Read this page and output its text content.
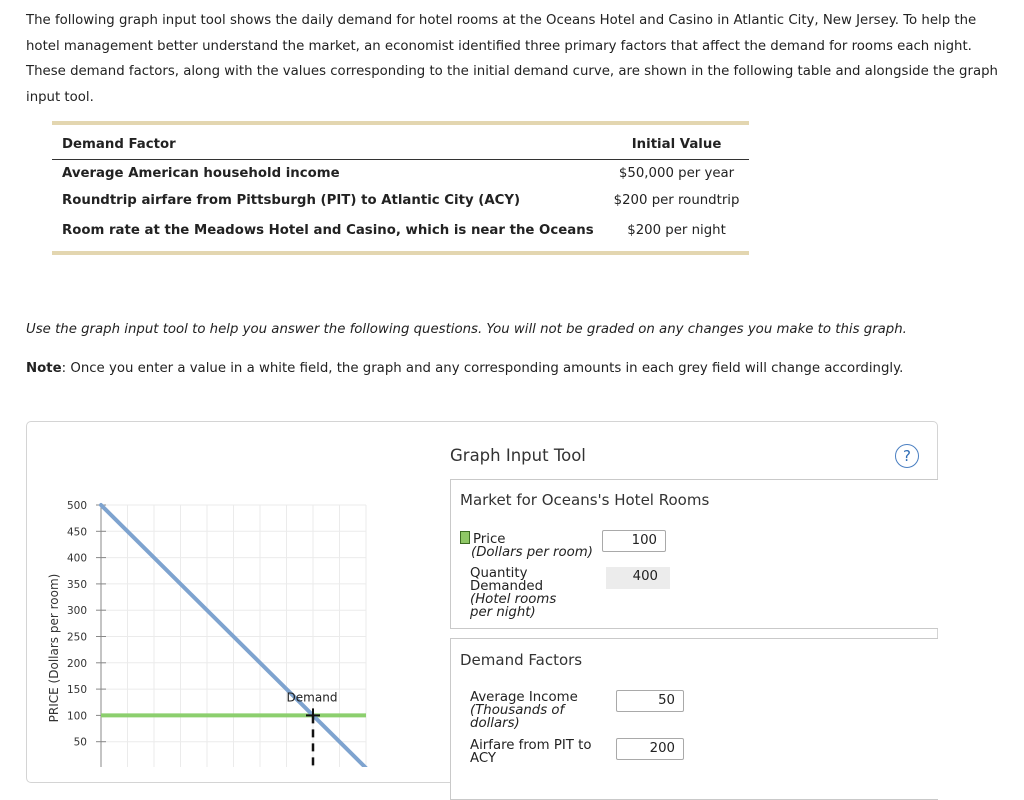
The following graph input tool shows the daily demand for hotel rooms at the Oceans Hotel and Casino in Atlantic City, New Jersey. To help the hotel management better understand the market, an economist identified three primary factors that affect the demand for rooms each night. These demand factors, along with the values corresponding to the initial demand curve, are shown in the following table and alongside the graph input tool.

Demand Factor	Initial Value
Average American household income	$50,000 per year
Roundtrip airfare from Pittsburgh (PIT) to Atlantic City (ACY)	$200 per roundtrip
Room rate at the Meadows Hotel and Casino, which is near the Oceans	$200 per night

Use the graph input tool to help you answer the following questions. You will not be graded on any changes you make to this graph.

Note: Once you enter a value in a white field, the graph and any corresponding amounts in each grey field will change accordingly.

50
100
150
200
250
300
350
400
450
500
PRICE (Dollars per room)	Demand
Graph Input Tool	?
Market for Oceans's Hotel Rooms
Price
(Dollars per room)
100
Quantity Demanded
(Hotel rooms per night)
400
Demand Factors
Average Income
(Thousands of dollars)
50
Airfare from PIT to ACY
200
